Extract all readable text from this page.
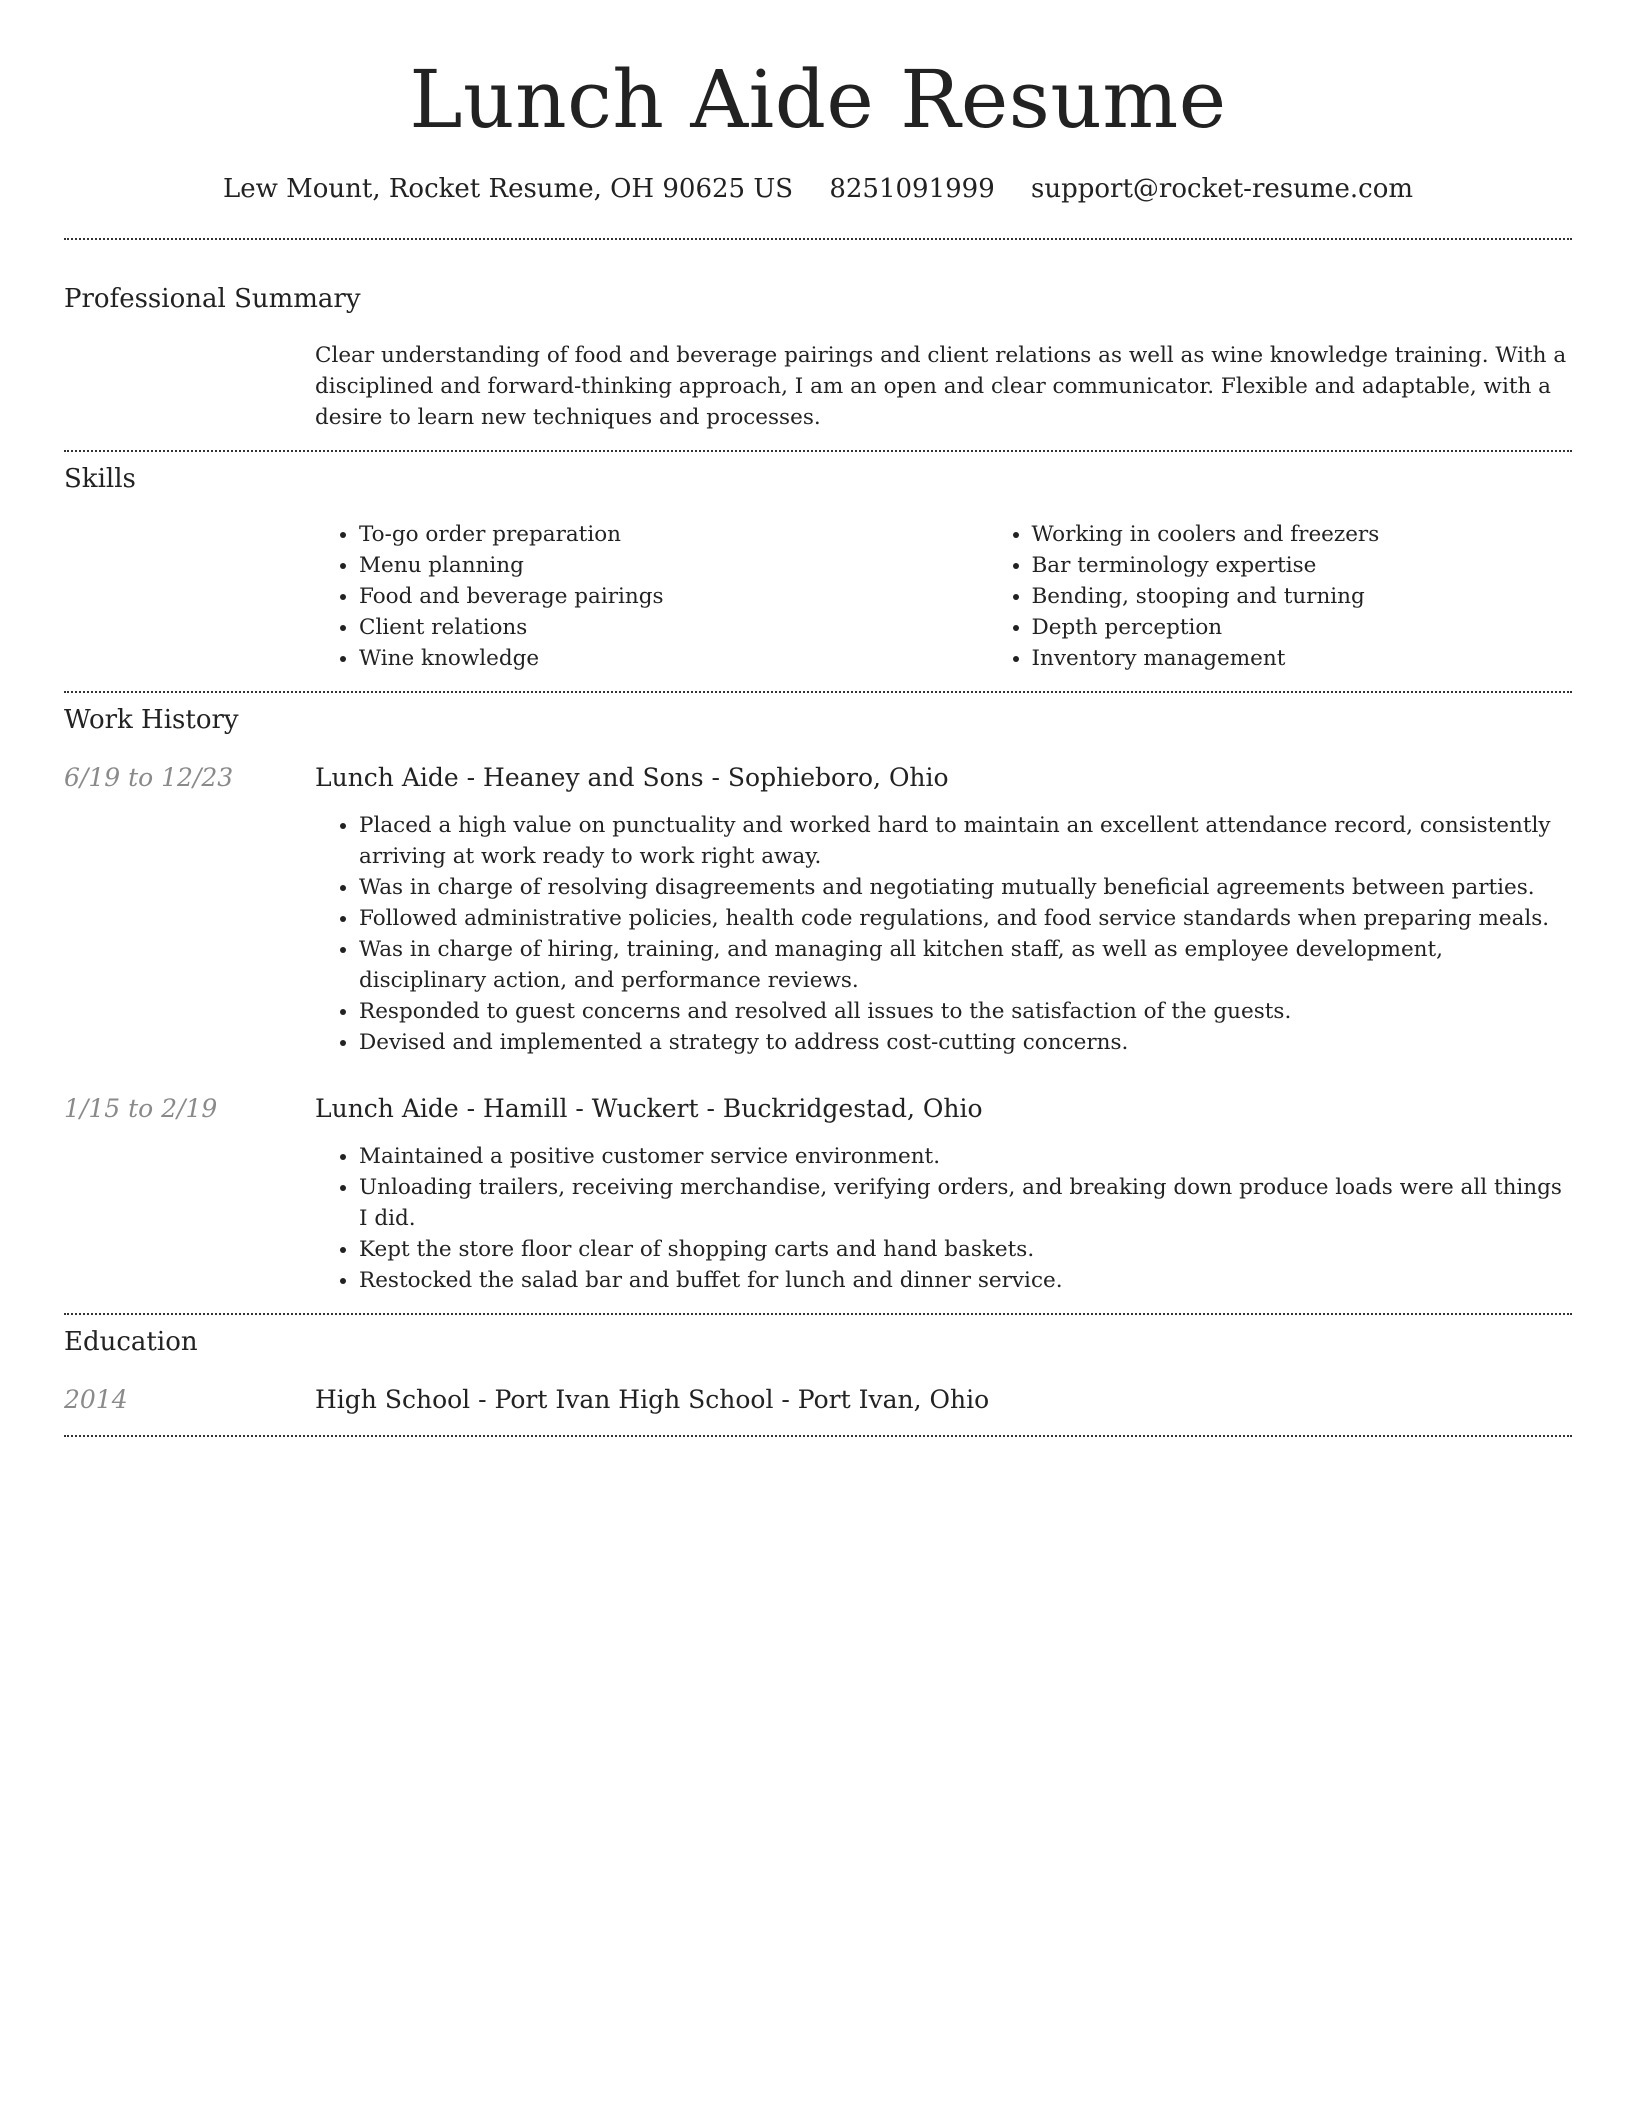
Lunch Aide Resume
Lew Mount, Rocket Resume, OH 90625 US 8251091999 support@rocket-resume.com
Professional Summary
Clear understanding of food and beverage pairings and client relations as well as wine knowledge training. With a disciplined and forward-thinking approach, I am an open and clear communicator. Flexible and adaptable, with a desire to learn new techniques and processes.
Skills
• To-go order preparation
• Menu planning
• Food and beverage pairings
• Client relations
• Wine knowledge
• Working in coolers and freezers
• Bar terminology expertise
• Bending, stooping and turning
• Depth perception
• Inventory management
Work History
6/19 to 12/23	Lunch Aide - Heaney and Sons - Sophieboro, Ohio
• Placed a high value on punctuality and worked hard to maintain an excellent attendance record, consistently arriving at work ready to work right away.
• Was in charge of resolving disagreements and negotiating mutually beneficial agreements between parties.
• Followed administrative policies, health code regulations, and food service standards when preparing meals.
• Was in charge of hiring, training, and managing all kitchen staff, as well as employee development, disciplinary action, and performance reviews.
• Responded to guest concerns and resolved all issues to the satisfaction of the guests.
• Devised and implemented a strategy to address cost-cutting concerns.
1/15 to 2/19	Lunch Aide - Hamill - Wuckert - Buckridgestad, Ohio
• Maintained a positive customer service environment.
• Unloading trailers, receiving merchandise, verifying orders, and breaking down produce loads were all things I did.
• Kept the store floor clear of shopping carts and hand baskets.
• Restocked the salad bar and buffet for lunch and dinner service.
Education
2014	High School - Port Ivan High School - Port Ivan, Ohio
